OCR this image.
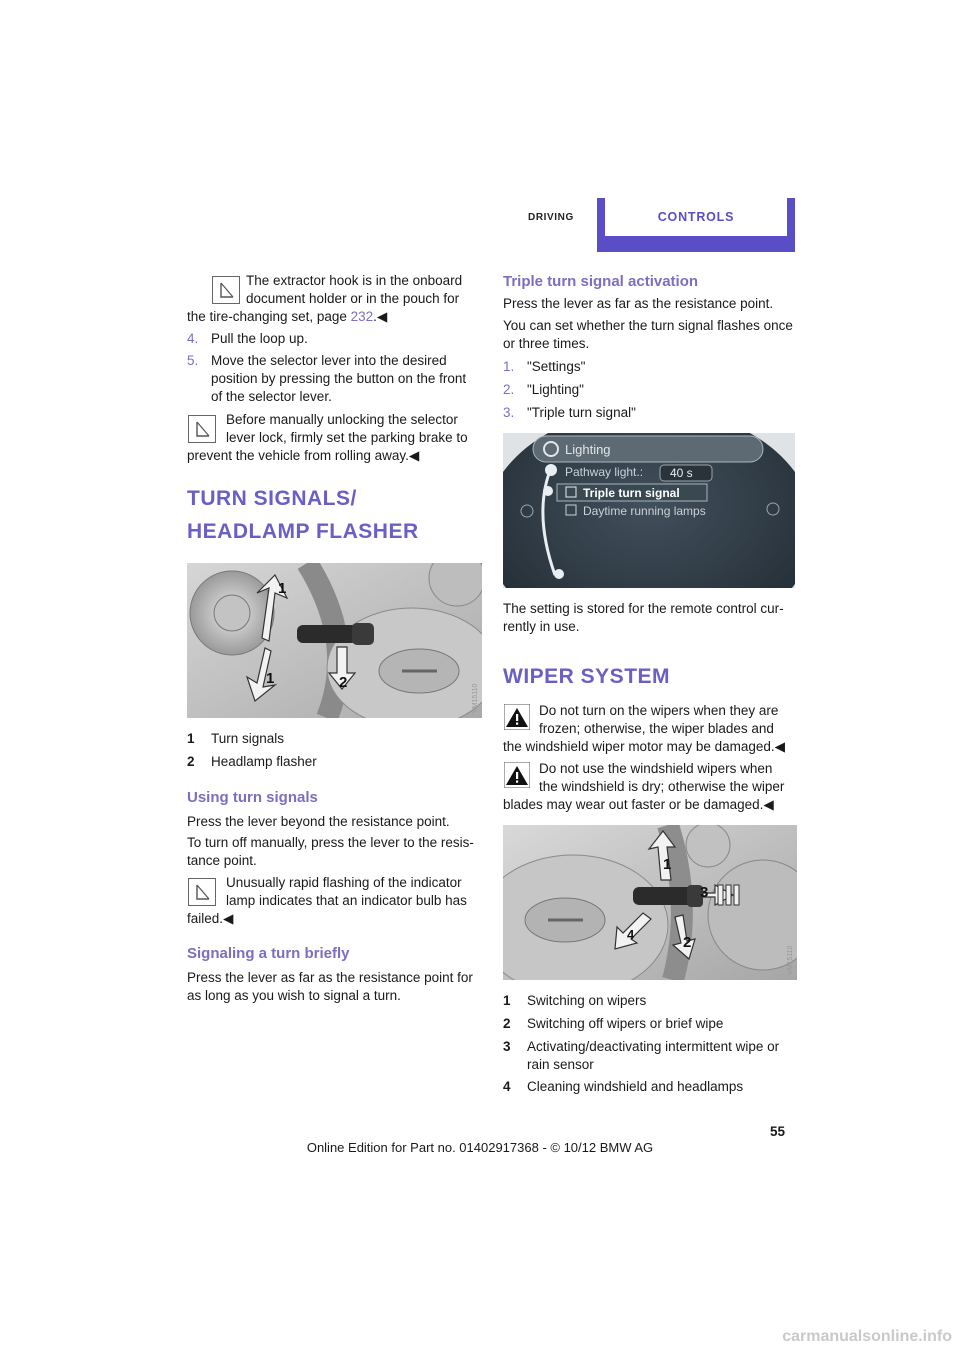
DRIVING	CONTROLS
The extractor hook is in the onboard
document holder or in the pouch for
the tire-changing set, page 232.◀
4. Pull the loop up.
5. Move the selector lever into the desired
position by pressing the button on the front
of the selector lever.
Before manually unlocking the selector
lever lock, firmly set the parking brake to
prevent the vehicle from rolling away.◀
TURN SIGNALS/
HEADLAMP FLASHER
1
1	2
VM15110
1 Turn signals
2 Headlamp flasher
Using turn signals
Press the lever beyond the resistance point.
To turn off manually, press the lever to the resis-
tance point.
Unusually rapid flashing of the indicator
lamp indicates that an indicator bulb has
failed.◀
Signaling a turn briefly
Press the lever as far as the resistance point for
as long as you wish to signal a turn.
Triple turn signal activation
Press the lever as far as the resistance point.
You can set whether the turn signal flashes once
or three times.
1. "Settings"
2. "Lighting"
3. "Triple turn signal"
Lighting
Pathway light.: 40 s
Triple turn signal
Daytime running lamps
The setting is stored for the remote control cur-
rently in use.
WIPER SYSTEM
Do not turn on the wipers when they are
frozen; otherwise, the wiper blades and
the windshield wiper motor may be damaged.◀
Do not use the windshield wipers when
the windshield is dry; otherwise the wiper
blades may wear out faster or be damaged.◀
1
3
4	2
VM15110
1 Switching on wipers
2 Switching off wipers or brief wipe
3 Activating/deactivating intermittent wipe or
rain sensor
4 Cleaning windshield and headlamps
55
Online Edition for Part no. 01402917368 - © 10/12 BMW AG
carmanualsonline.info
